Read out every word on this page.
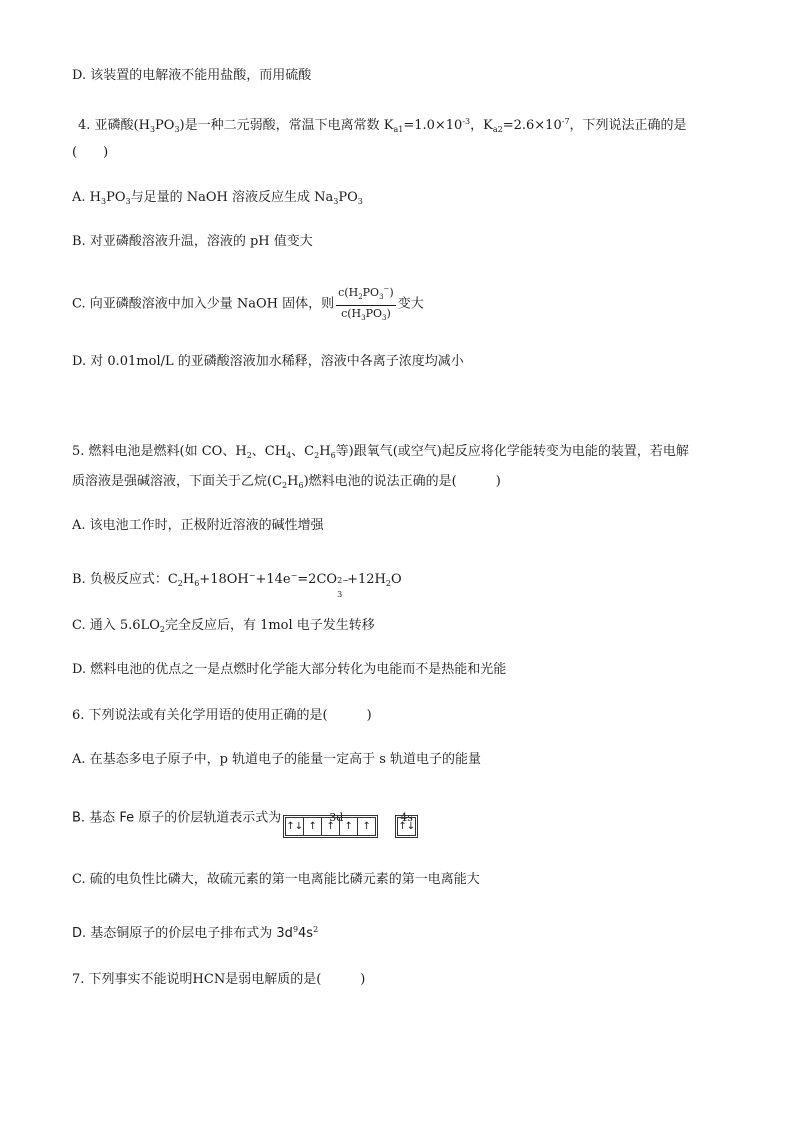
D. 该装置的电解液不能用盐酸，而用硫酸
4. 亚磷酸$(H_3PO_3)$是一种二元弱酸，常温下电离常数 $K_{a1}=1.0\times 10^{-3}$，$K_{a2}=2.6\times 10^{-7}$，下列说法正确的是
(　　)
A. $H_3PO_3$与足量的 NaOH 溶液反应生成 $Na_3PO_3$
B. 对亚磷酸溶液升温，溶液的 pH 值变大
C. 向亚磷酸溶液中加入少量 NaOH 固体，则 $\frac{c(H_2PO_3^-)}{c(H_3PO_3)}$ 变大
D. 对 0.01mol/L 的亚磷酸溶液加水稀释，溶液中各离子浓度均减小
5. 燃料电池是燃料(如 CO、$H_2$、$CH_4$、$C_2H_6$等)跟氧气(或空气)起反应将化学能转变为电能的装置，若电解
质溶液是强碱溶液，下面关于乙烷$(C_2H_6)$燃料电池的说法正确的是(　　　)
A. 该电池工作时，正极附近溶液的碱性增强
B. 负极反应式：$C_2H_6+18OH^-+14e^-=2CO$ 2−
3
$+12H_2O$
C. 通入 $5.6LO_2$完全反应后，有 1mol 电子发生转移
D. 燃料电池的优点之一是点燃时化学能大部分转化为电能而不是热能和光能
6. 下列说法或有关化学用语的使用正确的是(　　　)
A. 在基态多电子原子中，p 轨道电子的能量一定高于 s 轨道电子的能量
B. 基态 Fe 原子的价层轨道表示式为	3d	4s
↑↓ ↑ ↑ ↑ ↑	↑↓
C. 硫的电负性比磷大，故硫元素的第一电离能比磷元素的第一电离能大
D. 基态铜原子的价层电子排布式为 $3d^94s^2$
7. 下列事实不能说明HCN是弱电解质的是(　　　)
